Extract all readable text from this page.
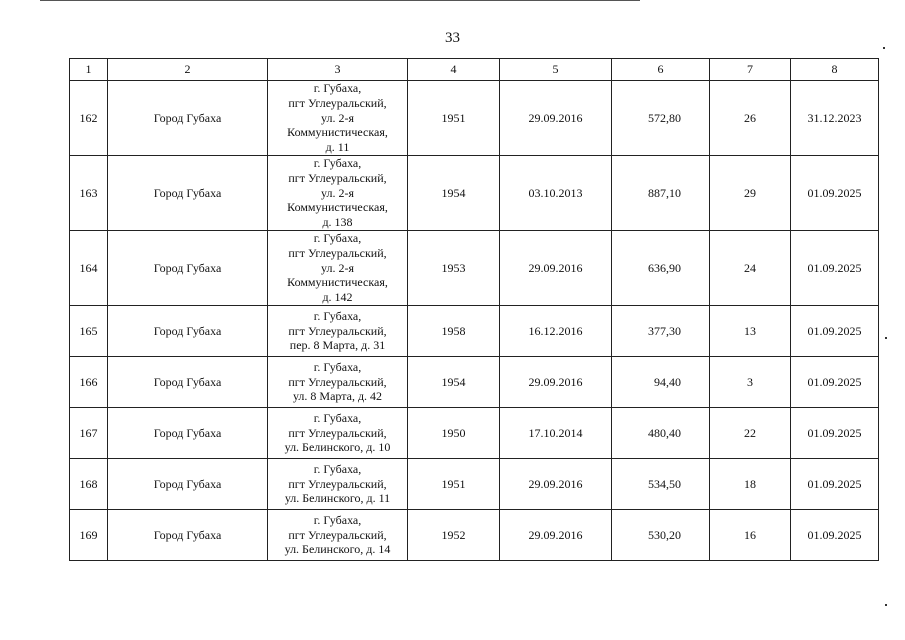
33
1	2	3	4	5	6	7	8
162	Город Губаха	г. Губаха,
пгт Углеуральский,
ул. 2-я
Коммунистическая,
д. 11	1951	29.09.2016	572,80	26	31.12.2023
163	Город Губаха	г. Губаха,
пгт Углеуральский,
ул. 2-я
Коммунистическая,
д. 138	1954	03.10.2013	887,10	29	01.09.2025
164	Город Губаха	г. Губаха,
пгт Углеуральский,
ул. 2-я
Коммунистическая,
д. 142	1953	29.09.2016	636,90	24	01.09.2025
165	Город Губаха	г. Губаха,
пгт Углеуральский,
пер. 8 Марта, д. 31	1958	16.12.2016	377,30	13	01.09.2025
166	Город Губаха	г. Губаха,
пгт Углеуральский,
ул. 8 Марта, д. 42	1954	29.09.2016	94,40	3	01.09.2025
167	Город Губаха	г. Губаха,
пгт Углеуральский,
ул. Белинского, д. 10	1950	17.10.2014	480,40	22	01.09.2025
168	Город Губаха	г. Губаха,
пгт Углеуральский,
ул. Белинского, д. 11	1951	29.09.2016	534,50	18	01.09.2025
169	Город Губаха	г. Губаха,
пгт Углеуральский,
ул. Белинского, д. 14	1952	29.09.2016	530,20	16	01.09.2025
